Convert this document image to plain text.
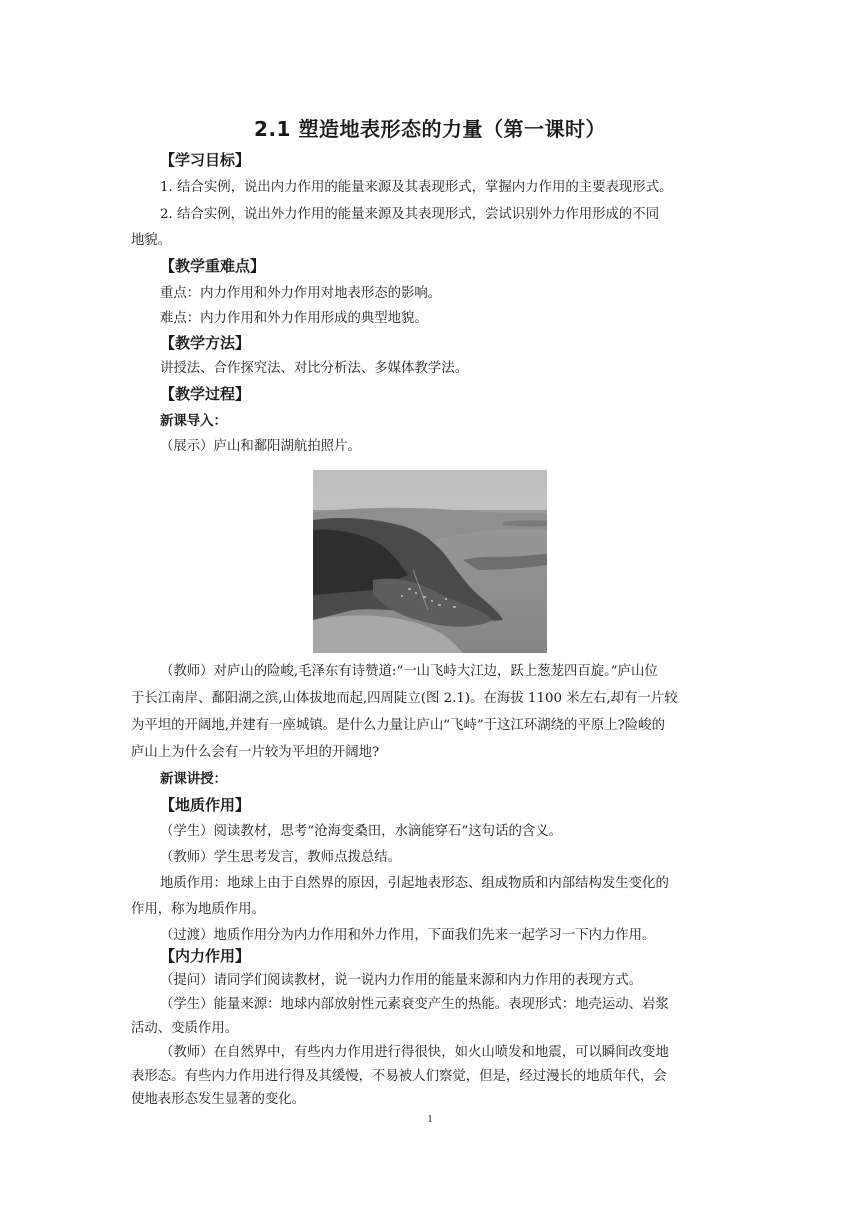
2.1 塑造地表形态的力量（第一课时）
【学习目标】
1. 结合实例，说出内力作用的能量来源及其表现形式，掌握内力作用的主要表现形式。
2. 结合实例，说出外力作用的能量来源及其表现形式，尝试识别外力作用形成的不同
地貌。
【教学重难点】
重点：内力作用和外力作用对地表形态的影响。
难点：内力作用和外力作用形成的典型地貌。
【教学方法】
讲授法、合作探究法、对比分析法、多媒体教学法。
【教学过程】
新课导入：
（展示）庐山和鄱阳湖航拍照片。
（教师）对庐山的险峻,毛泽东有诗赞道:“一山飞峙大江边，跃上葱茏四百旋。”庐山位
于长江南岸、鄱阳湖之滨,山体拔地而起,四周陡立(图 2.1)。在海拔 1100 米左右,却有一片较
为平坦的开阔地,并建有一座城镇。是什么力量让庐山“飞峙”于这江环湖绕的平原上?险峻的
庐山上为什么会有一片较为平坦的开阔地?
新课讲授：
【地质作用】
（学生）阅读教材，思考“沧海变桑田，水滴能穿石”这句话的含义。
（教师）学生思考发言，教师点拨总结。
地质作用：地球上由于自然界的原因，引起地表形态、组成物质和内部结构发生变化的
作用，称为地质作用。
（过渡）地质作用分为内力作用和外力作用，下面我们先来一起学习一下内力作用。
【内力作用】
（提问）请同学们阅读教材，说一说内力作用的能量来源和内力作用的表现方式。
（学生）能量来源：地球内部放射性元素衰变产生的热能。表现形式：地壳运动、岩浆
活动、变质作用。
（教师）在自然界中，有些内力作用进行得很快，如火山喷发和地震，可以瞬间改变地
表形态。有些内力作用进行得及其缓慢，不易被人们察觉，但是，经过漫长的地质年代，会
使地表形态发生显著的变化。
1
